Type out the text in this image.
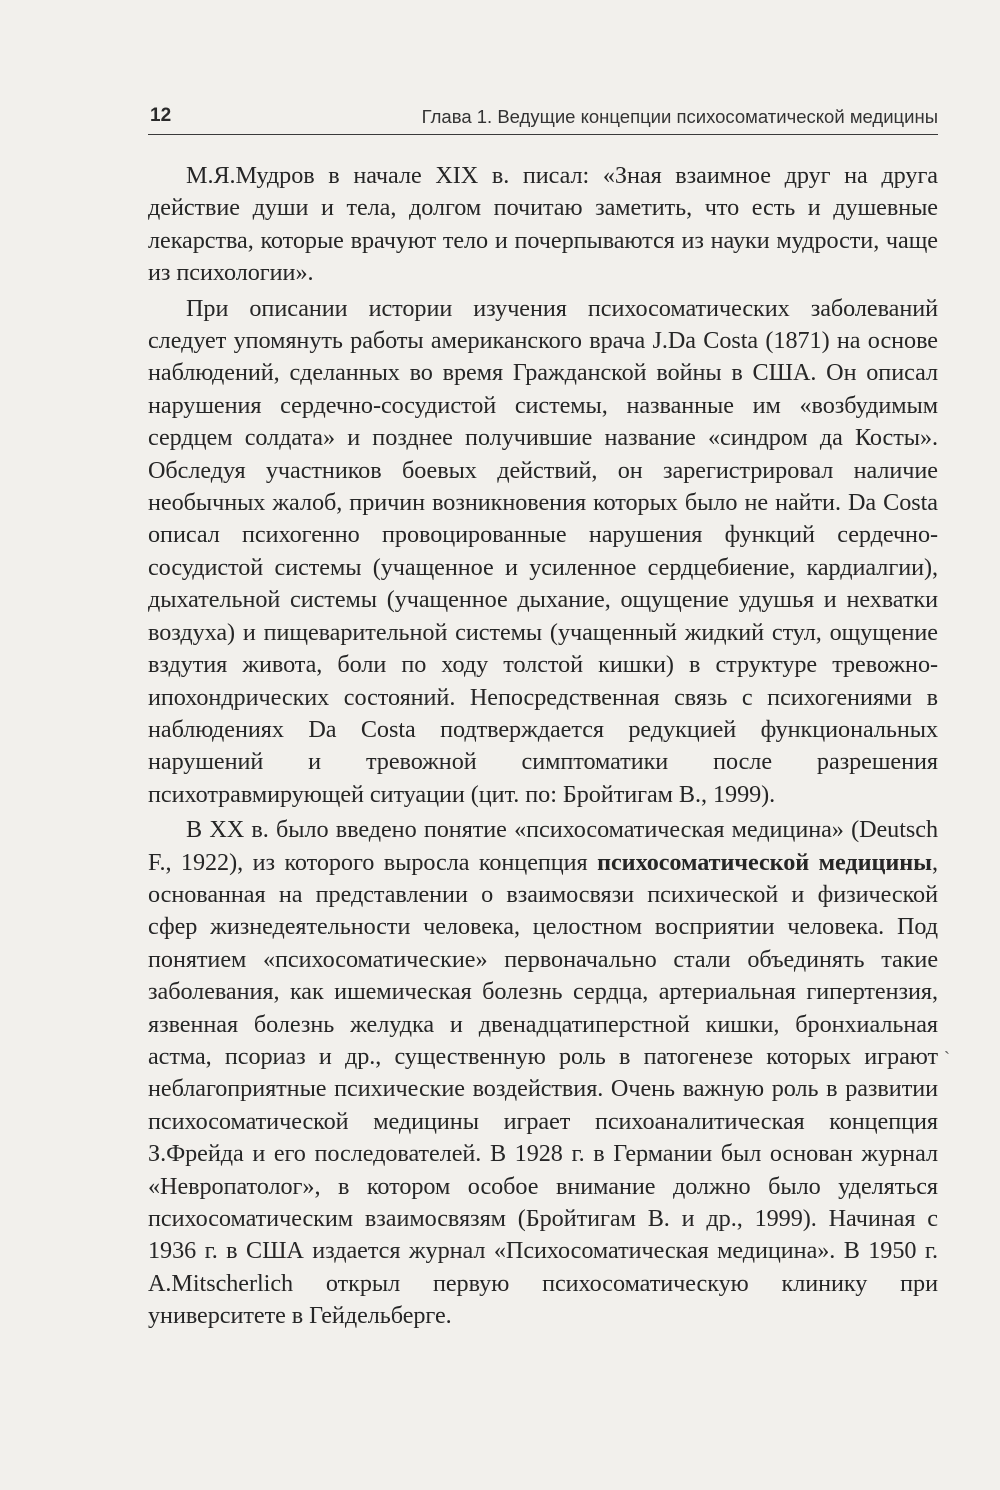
12	Глава 1. Ведущие концепции психосоматической медицины

М.Я.Мудров в начале XIX в. писал: «Зная взаимное друг на друга действие души и тела, долгом почитаю заметить, что есть и душевные лекарства, которые врачуют тело и почерпываются из науки мудрости, чаще из психологии».

При описании истории изучения психосоматических заболеваний следует упомянуть работы американского врача J.Da Costa (1871) на основе наблюдений, сделанных во время Гражданской войны в США. Он описал нарушения сердечно-сосудистой системы, названные им «возбудимым сердцем солдата» и позднее получившие название «синдром да Косты». Обследуя участников боевых действий, он зарегистрировал наличие необычных жалоб, причин возникновения которых было не найти. Da Costa описал психогенно провоцированные нарушения функций сердечно-сосудистой системы (учащенное и усиленное сердцебиение, кардиалгии), дыхательной системы (учащенное дыхание, ощущение удушья и нехватки воздуха) и пищеварительной системы (учащенный жидкий стул, ощущение вздутия живота, боли по ходу толстой кишки) в структуре тревожно-ипохондрических состояний. Непосредственная связь с психогениями в наблюдениях Da Costa подтверждается редукцией функциональных нарушений и тревожной симптоматики после разрешения психотравмирующей ситуации (цит. по: Бройтигам В., 1999).

В XX в. было введено понятие «психосоматическая медицина» (Deutsch F., 1922), из которого выросла концепция психосоматической медицины, основанная на представлении о взаимосвязи психической и физической сфер жизнедеятельности человека, целостном восприятии человека. Под понятием «психосоматические» первоначально стали объединять такие заболевания, как ишемическая болезнь сердца, артериальная гипертензия, язвенная болезнь желудка и двенадцатиперстной кишки, бронхиальная астма, псориаз и др., существенную роль в патогенезе которых играют неблагоприятные психические воздействия. Очень важную роль в развитии психосоматической медицины играет психоаналитическая концепция З.Фрейда и его последователей. В 1928 г. в Германии был основан журнал «Невропатолог», в котором особое внимание должно было уделяться психосоматическим взаимосвязям (Бройтигам В. и др., 1999). Начиная с 1936 г. в США издается журнал «Психосоматическая медицина». В 1950 г. A.Mitscherlich открыл первую психосоматическую клинику при университете в Гейдельберге.

ˋ
